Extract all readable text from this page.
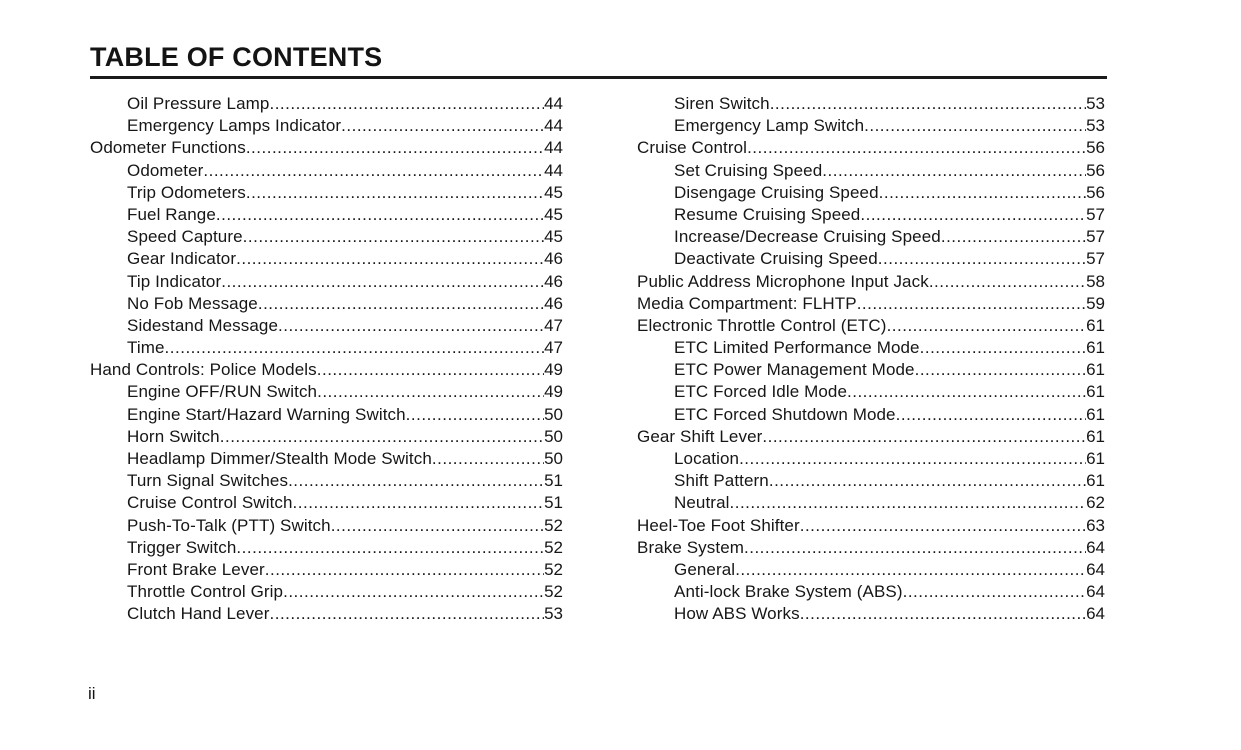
TABLE OF CONTENTS
Oil Pressure Lamp .....	44
Emergency Lamps Indicator .....	44
Odometer Functions .....	44
Odometer .....	44
Trip Odometers .....	45
Fuel Range .....	45
Speed Capture .....	45
Gear Indicator .....	46
Tip Indicator .....	46
No Fob Message .....	46
Sidestand Message .....	47
Time .....	47
Hand Controls: Police Models .....	49
Engine OFF/RUN Switch .....	49
Engine Start/Hazard Warning Switch .....	50
Horn Switch .....	50
Headlamp Dimmer/Stealth Mode Switch .....	50
Turn Signal Switches .....	51
Cruise Control Switch .....	51
Push-To-Talk (PTT) Switch .....	52
Trigger Switch .....	52
Front Brake Lever .....	52
Throttle Control Grip .....	52
Clutch Hand Lever .....	53
Siren Switch .....	53
Emergency Lamp Switch .....	53
Cruise Control .....	56
Set Cruising Speed .....	56
Disengage Cruising Speed .....	56
Resume Cruising Speed .....	57
Increase/Decrease Cruising Speed .....	57
Deactivate Cruising Speed .....	57
Public Address Microphone Input Jack .....	58
Media Compartment: FLHTP .....	59
Electronic Throttle Control (ETC) .....	61
ETC Limited Performance Mode .....	61
ETC Power Management Mode .....	61
ETC Forced Idle Mode .....	61
ETC Forced Shutdown Mode .....	61
Gear Shift Lever .....	61
Location .....	61
Shift Pattern .....	61
Neutral .....	62
Heel-Toe Foot Shifter .....	63
Brake System .....	64
General .....	64
Anti-lock Brake System (ABS) .....	64
How ABS Works .....	64
ii
